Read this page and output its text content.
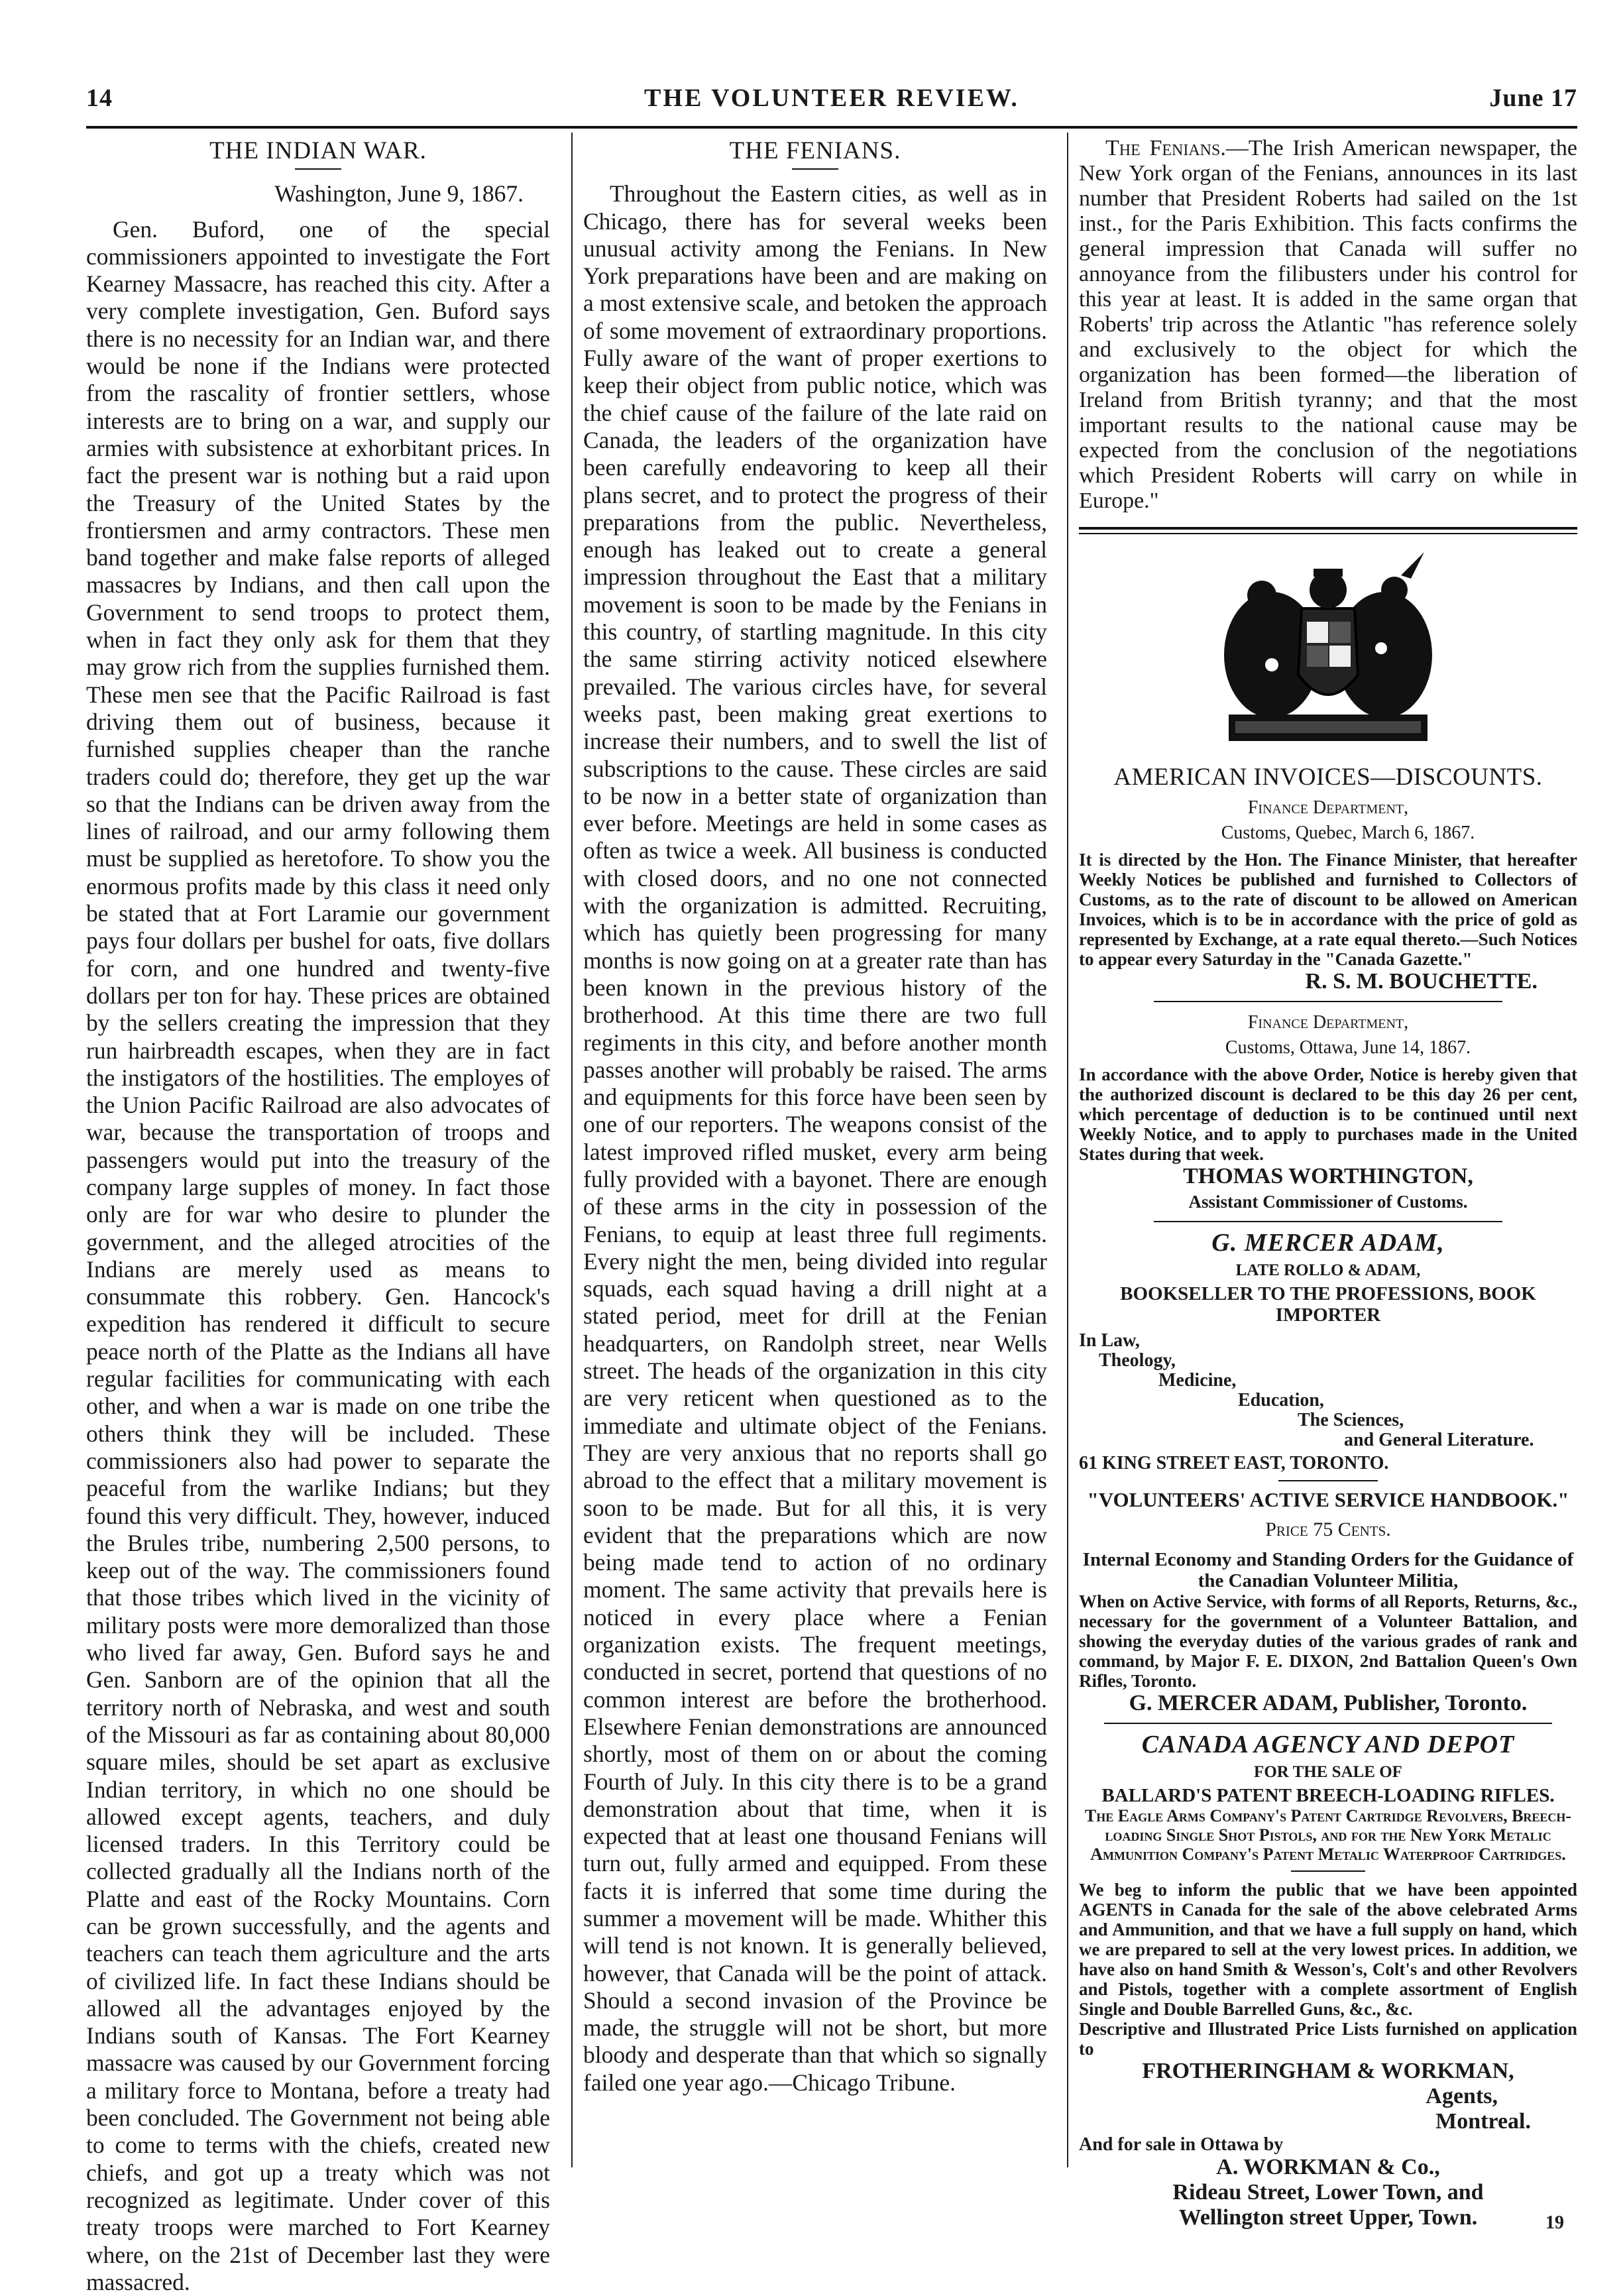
14	THE VOLUNTEER REVIEW.	June 17
THE INDIAN WAR.
Washington, June 9, 1867.

Gen. Buford, one of the special commissioners appointed to investigate the Fort Kearney Massacre, has reached this city. After a very complete investigation, Gen. Buford says there is no necessity for an Indian war, and there would be none if the Indians were protected from the rascality of frontier settlers, whose interests are to bring on a war, and supply our armies with subsistence at exhorbitant prices. In fact the present war is nothing but a raid upon the Treasury of the United States by the frontiersmen and army contractors. These men band together and make false reports of alleged massacres by Indians, and then call upon the Government to send troops to protect them, when in fact they only ask for them that they may grow rich from the supplies furnished them. These men see that the Pacific Railroad is fast driving them out of business, because it furnished supplies cheaper than the ranche traders could do; therefore, they get up the war so that the Indians can be driven away from the lines of railroad, and our army following them must be supplied as heretofore. To show you the enormous profits made by this class it need only be stated that at Fort Laramie our government pays four dollars per bushel for oats, five dollars for corn, and one hundred and twenty-five dollars per ton for hay. These prices are obtained by the sellers creating the impression that they run hairbreadth escapes, when they are in fact the instigators of the hostilities. The employes of the Union Pacific Railroad are also advocates of war, because the transportation of troops and passengers would put into the treasury of the company large supples of money. In fact those only are for war who desire to plunder the government, and the alleged atrocities of the Indians are merely used as means to consummate this robbery. Gen. Hancock's expedition has rendered it difficult to secure peace north of the Platte as the Indians all have regular facilities for communicating with each other, and when a war is made on one tribe the others think they will be included. These commissioners also had power to separate the peaceful from the warlike Indians; but they found this very difficult. They, however, induced the Brules tribe, numbering 2,500 persons, to keep out of the way. The commissioners found that those tribes which lived in the vicinity of military posts were more demoralized than those who lived far away, Gen. Buford says he and Gen. Sanborn are of the opinion that all the territory north of Nebraska, and west and south of the Missouri as far as containing about 80,000 square miles, should be set apart as exclusive Indian territory, in which no one should be allowed except agents, teachers, and duly licensed traders. In this Territory could be collected gradually all the Indians north of the Platte and east of the Rocky Mountains. Corn can be grown successfully, and the agents and teachers can teach them agriculture and the arts of civilized life. In fact these Indians should be allowed all the advantages enjoyed by the Indians south of Kansas. The Fort Kearney massacre was caused by our Government forcing a military force to Montana, before a treaty had been concluded. The Government not being able to come to terms with the chiefs, created new chiefs, and got up a treaty which was not recognized as legitimate. Under cover of this treaty troops were marched to Fort Kearney where, on the 21st of December last they were massacred.

THE FENIANS.

Throughout the Eastern cities, as well as in Chicago, there has for several weeks been unusual activity among the Fenians. In New York preparations have been and are making on a most extensive scale, and betoken the approach of some movement of extraordinary proportions. Fully aware of the want of proper exertions to keep their object from public notice, which was the chief cause of the failure of the late raid on Canada, the leaders of the organization have been carefully endeavoring to keep all their plans secret, and to protect the progress of their preparations from the public. Nevertheless, enough has leaked out to create a general impression throughout the East that a military movement is soon to be made by the Fenians in this country, of startling magnitude. In this city the same stirring activity noticed elsewhere prevailed. The various circles have, for several weeks past, been making great exertions to increase their numbers, and to swell the list of subscriptions to the cause. These circles are said to be now in a better state of organization than ever before. Meetings are held in some cases as often as twice a week. All business is conducted with closed doors, and no one not connected with the organization is admitted. Recruiting, which has quietly been progressing for many months is now going on at a greater rate than has been known in the previous history of the brotherhood. At this time there are two full regiments in this city, and before another month passes another will probably be raised. The arms and equipments for this force have been seen by one of our reporters. The weapons consist of the latest improved rifled musket, every arm being fully provided with a bayonet. There are enough of these arms in the city in possession of the Fenians, to equip at least three full regiments. Every night the men, being divided into regular squads, each squad having a drill night at a stated period, meet for drill at the Fenian headquarters, on Randolph street, near Wells street. The heads of the organization in this city are very reticent when questioned as to the immediate and ultimate object of the Fenians. They are very anxious that no reports shall go abroad to the effect that a military movement is soon to be made. But for all this, it is very evident that the preparations which are now being made tend to action of no ordinary moment. The same activity that prevails here is noticed in every place where a Fenian organization exists. The frequent meetings, conducted in secret, portend that questions of no common interest are before the brotherhood. Elsewhere Fenian demonstrations are announced shortly, most of them on or about the coming Fourth of July. In this city there is to be a grand demonstration about that time, when it is expected that at least one thousand Fenians will turn out, fully armed and equipped. From these facts it is inferred that some time during the summer a movement will be made. Whither this will tend is not known. It is generally believed, however, that Canada will be the point of attack. Should a second invasion of the Province be made, the struggle will not be short, but more bloody and desperate than that which so signally failed one year ago.—Chicago Tribune.

The Fenians.—The Irish American newspaper, the New York organ of the Fenians, announces in its last number that President Roberts had sailed on the 1st inst., for the Paris Exhibition. This facts confirms the general impression that Canada will suffer no annoyance from the filibusters under his control for this year at least. It is added in the same organ that Roberts' trip across the Atlantic "has reference solely and exclusively to the object for which the organization has been formed—the liberation of Ireland from British tyranny; and that the most important results to the national cause may be expected from the conclusion of the negotiations which President Roberts will carry on while in Europe."

AMERICAN INVOICES—DISCOUNTS.
Finance Department,
Customs, Quebec, March 6, 1867.
It is directed by the Hon. The Finance Minister, that hereafter Weekly Notices be published and furnished to Collectors of Customs, as to the rate of discount to be allowed on American Invoices, which is to be in accordance with the price of gold as represented by Exchange, at a rate equal thereto.—Such Notices to appear every Saturday in the "Canada Gazette."
R. S. M. BOUCHETTE.
Finance Department,
Customs, Ottawa, June 14, 1867.
In accordance with the above Order, Notice is hereby given that the authorized discount is declared to be this day 26 per cent, which percentage of deduction is to be continued until next Weekly Notice, and to apply to purchases made in the United States during that week.
THOMAS WORTHINGTON,
Assistant Commissioner of Customs.
G. MERCER ADAM,
LATE ROLLO & ADAM,
BOOKSELLER TO THE PROFESSIONS, BOOK IMPORTER
In Law,
Theology,
Medicine,
Education,
The Sciences,
and General Literature.
61 KING STREET EAST, TORONTO.
"VOLUNTEERS' ACTIVE SERVICE HANDBOOK."
Price 75 Cents.
Internal Economy and Standing Orders for the Guidance of the Canadian Volunteer Militia,
When on Active Service, with forms of all Reports, Returns, &c., necessary for the government of a Volunteer Battalion, and showing the everyday duties of the various grades of rank and command, by Major F. E. DIXON, 2nd Battalion Queen's Own Rifles, Toronto.
G. MERCER ADAM, Publisher, Toronto.
CANADA AGENCY AND DEPOT
FOR THE SALE OF
BALLARD'S PATENT BREECH-LOADING RIFLES.
The Eagle Arms Company's Patent Cartridge Revolvers, Breech-loading Single Shot Pistols, and for the New York Metalic Ammunition Company's Patent Metalic Waterproof Cartridges.
We beg to inform the public that we have been appointed AGENTS in Canada for the sale of the above celebrated Arms and Ammunition, and that we have a full supply on hand, which we are prepared to sell at the very lowest prices. In addition, we have also on hand Smith & Wesson's, Colt's and other Revolvers and Pistols, together with a complete assortment of English Single and Double Barrelled Guns, &c., &c.
Descriptive and Illustrated Price Lists furnished on application to
FROTHERINGHAM & WORKMAN,
Agents,
Montreal.
And for sale in Ottawa by
A. WORKMAN & Co.,
Rideau Street, Lower Town, and
Wellington street Upper, Town.	19
